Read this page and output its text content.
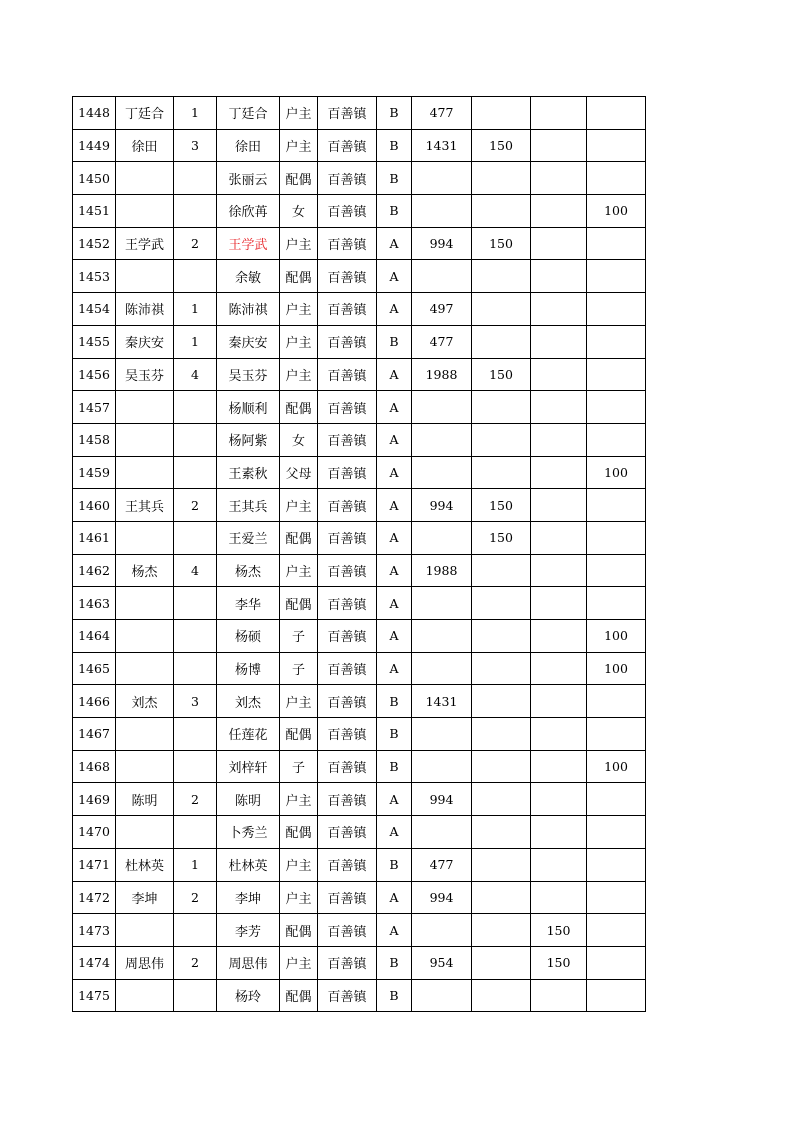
1448	丁廷合	1	丁廷合	户主	百善镇	B	477			
1449	徐田	3	徐田	户主	百善镇	B	1431	150		
1450			张丽云	配偶	百善镇	B				
1451			徐欣苒	女	百善镇	B				100
1452	王学武	2	王学武	户主	百善镇	A	994	150		
1453			余敏	配偶	百善镇	A				
1454	陈沛祺	1	陈沛祺	户主	百善镇	A	497			
1455	秦庆安	1	秦庆安	户主	百善镇	B	477			
1456	吴玉芬	4	吴玉芬	户主	百善镇	A	1988	150		
1457			杨顺利	配偶	百善镇	A				
1458			杨阿紫	女	百善镇	A				
1459			王素秋	父母	百善镇	A				100
1460	王其兵	2	王其兵	户主	百善镇	A	994	150		
1461			王爱兰	配偶	百善镇	A		150		
1462	杨杰	4	杨杰	户主	百善镇	A	1988			
1463			李华	配偶	百善镇	A				
1464			杨硕	子	百善镇	A				100
1465			杨博	子	百善镇	A				100
1466	刘杰	3	刘杰	户主	百善镇	B	1431			
1467			任莲花	配偶	百善镇	B				
1468			刘梓轩	子	百善镇	B				100
1469	陈明	2	陈明	户主	百善镇	A	994			
1470			卜秀兰	配偶	百善镇	A				
1471	杜林英	1	杜林英	户主	百善镇	B	477			
1472	李坤	2	李坤	户主	百善镇	A	994			
1473			李芳	配偶	百善镇	A			150	
1474	周思伟	2	周思伟	户主	百善镇	B	954		150	
1475			杨玲	配偶	百善镇	B				
